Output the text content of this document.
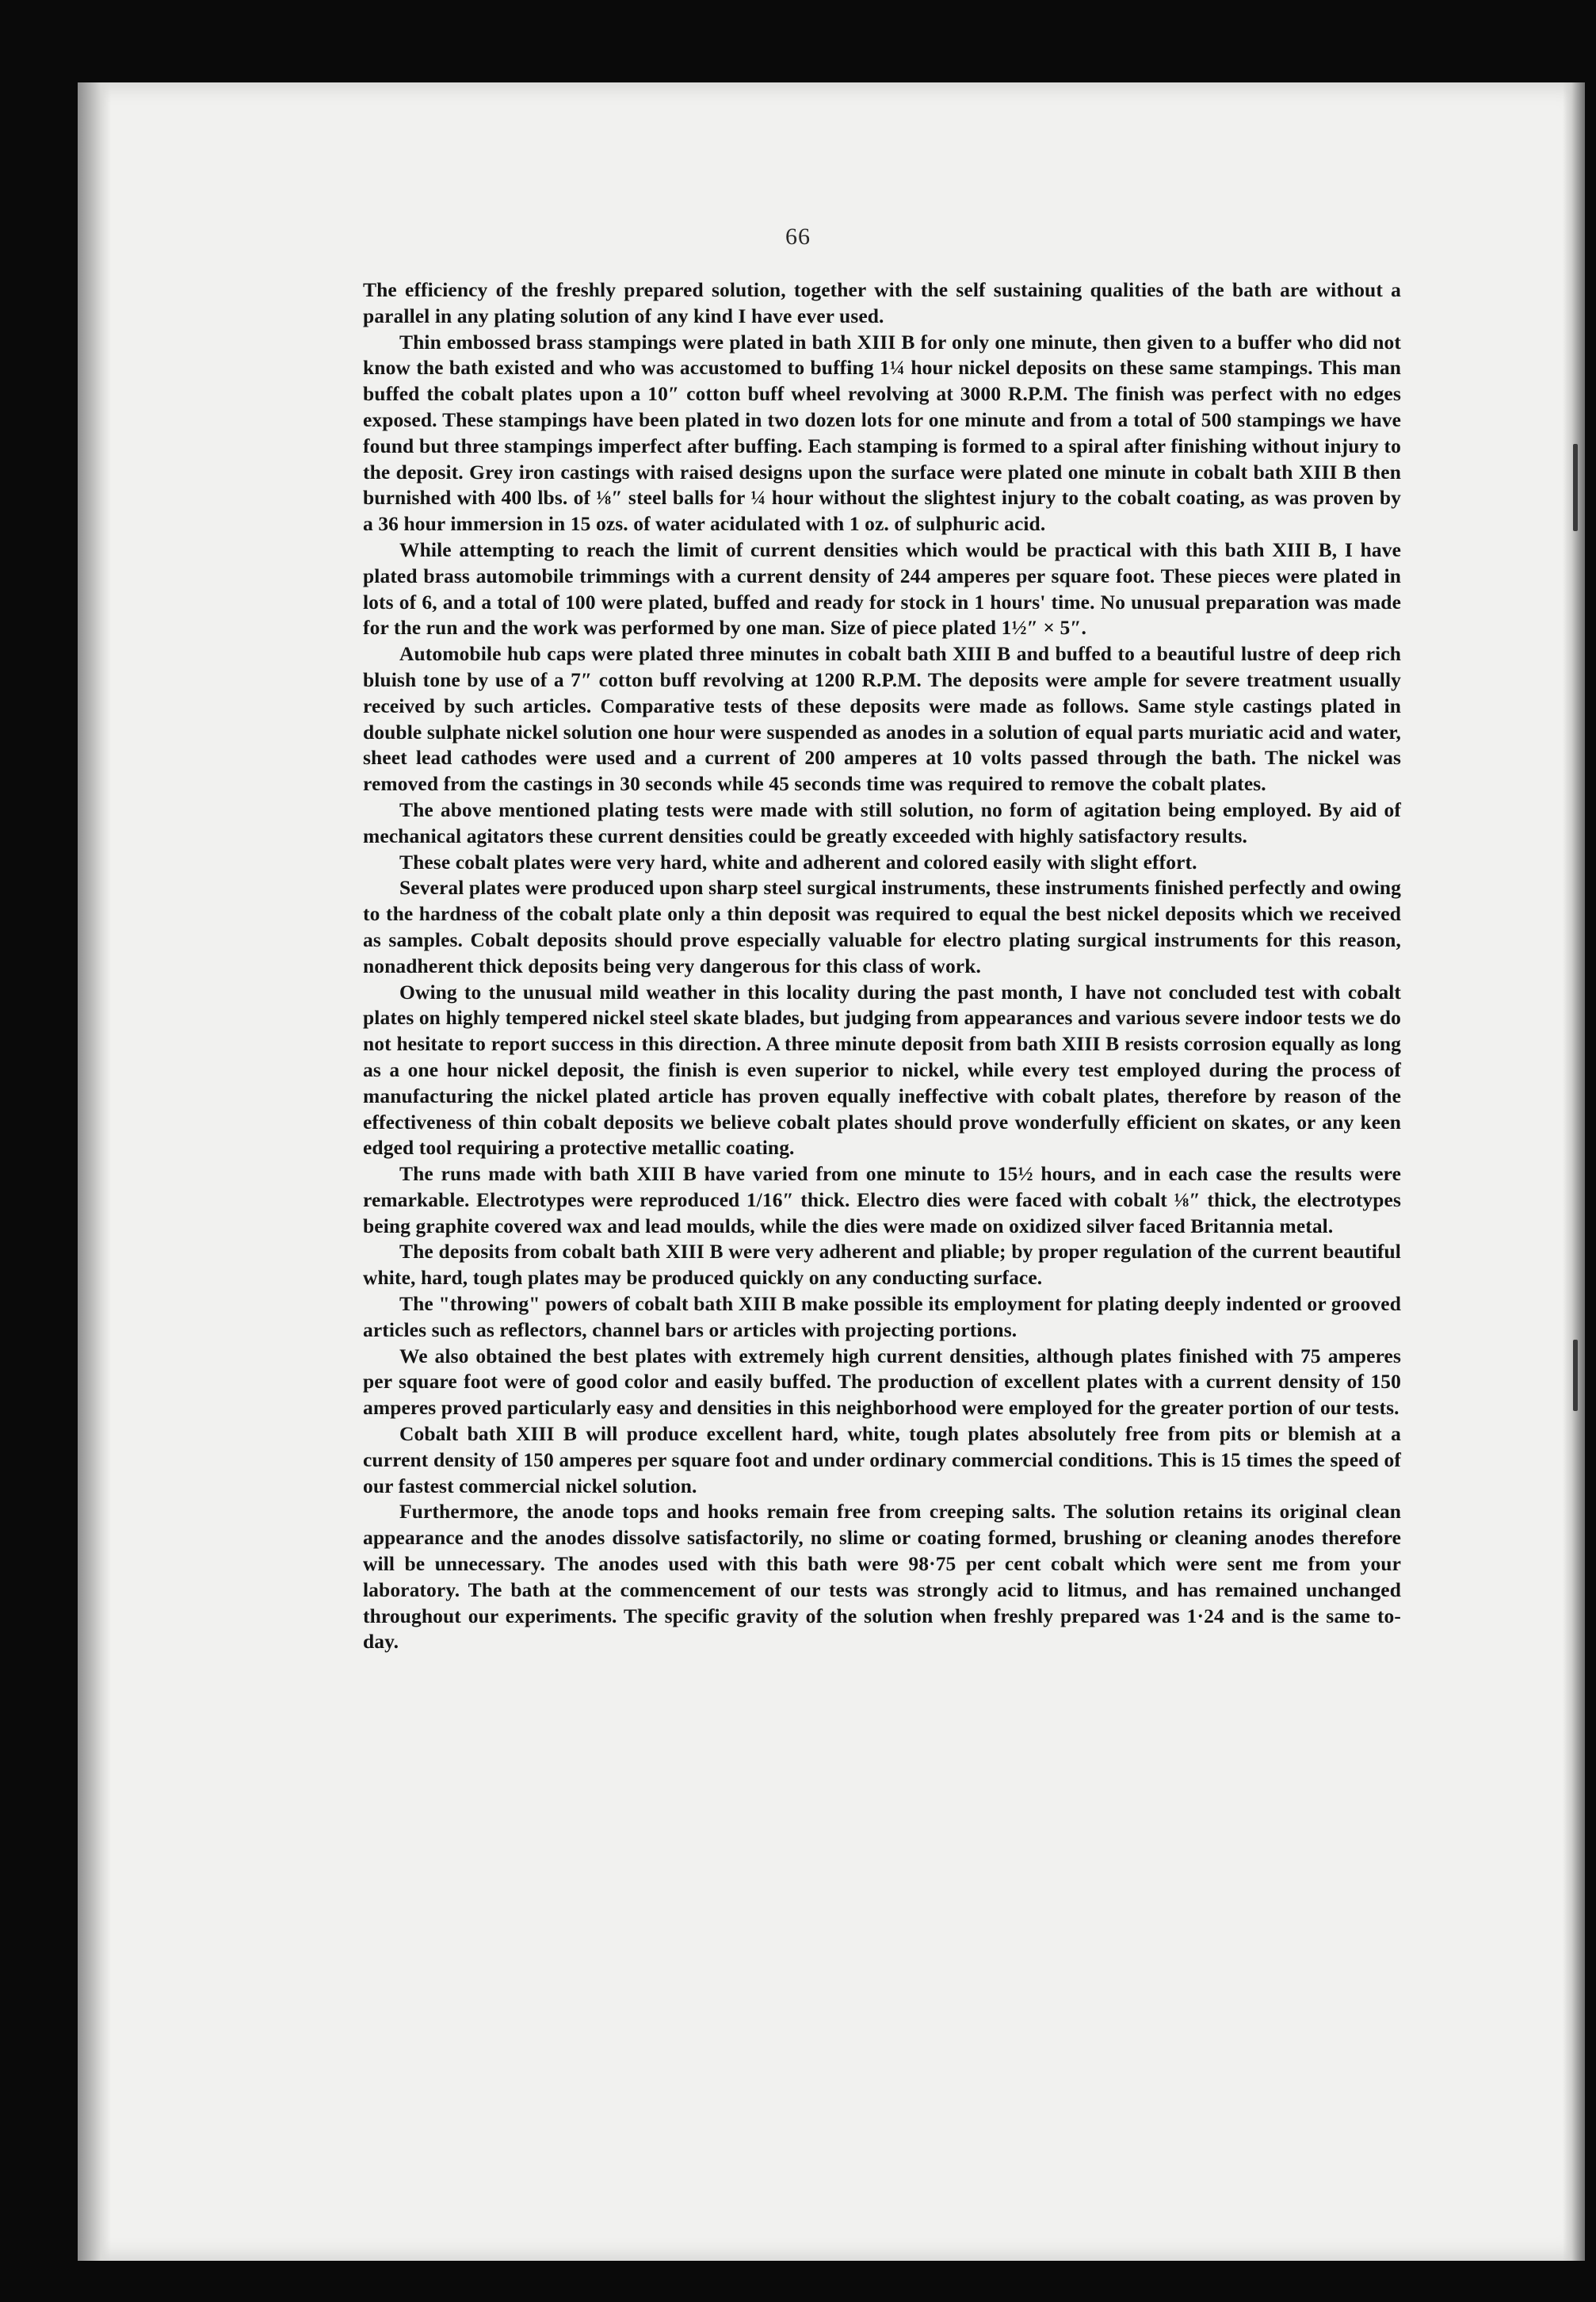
66

The efficiency of the freshly prepared solution, together with the self sustaining qualities of the bath are without a parallel in any plating solution of any kind I have ever used.

Thin embossed brass stampings were plated in bath XIII B for only one minute, then given to a buffer who did not know the bath existed and who was accustomed to buffing 1¼ hour nickel deposits on these same stampings. This man buffed the cobalt plates upon a 10″ cotton buff wheel revolving at 3000 R.P.M. The finish was perfect with no edges exposed. These stampings have been plated in two dozen lots for one minute and from a total of 500 stampings we have found but three stampings imperfect after buffing. Each stamping is formed to a spiral after finishing without injury to the deposit. Grey iron castings with raised designs upon the surface were plated one minute in cobalt bath XIII B then burnished with 400 lbs. of ⅛″ steel balls for ¼ hour without the slightest injury to the cobalt coating, as was proven by a 36 hour immersion in 15 ozs. of water acidulated with 1 oz. of sulphuric acid.

While attempting to reach the limit of current densities which would be practical with this bath XIII B, I have plated brass automobile trimmings with a current density of 244 amperes per square foot. These pieces were plated in lots of 6, and a total of 100 were plated, buffed and ready for stock in 1 hours' time. No unusual preparation was made for the run and the work was performed by one man. Size of piece plated 1½″ × 5″.

Automobile hub caps were plated three minutes in cobalt bath XIII B and buffed to a beautiful lustre of deep rich bluish tone by use of a 7″ cotton buff revolving at 1200 R.P.M. The deposits were ample for severe treatment usually received by such articles. Comparative tests of these deposits were made as follows. Same style castings plated in double sulphate nickel solution one hour were suspended as anodes in a solution of equal parts muriatic acid and water, sheet lead cathodes were used and a current of 200 amperes at 10 volts passed through the bath. The nickel was removed from the castings in 30 seconds while 45 seconds time was required to remove the cobalt plates.

The above mentioned plating tests were made with still solution, no form of agitation being employed. By aid of mechanical agitators these current densities could be greatly exceeded with highly satisfactory results.

These cobalt plates were very hard, white and adherent and colored easily with slight effort.

Several plates were produced upon sharp steel surgical instruments, these instruments finished perfectly and owing to the hardness of the cobalt plate only a thin deposit was required to equal the best nickel deposits which we received as samples. Cobalt deposits should prove especially valuable for electro plating surgical instruments for this reason, nonadherent thick deposits being very dangerous for this class of work.

Owing to the unusual mild weather in this locality during the past month, I have not concluded test with cobalt plates on highly tempered nickel steel skate blades, but judging from appearances and various severe indoor tests we do not hesitate to report success in this direction. A three minute deposit from bath XIII B resists corrosion equally as long as a one hour nickel deposit, the finish is even superior to nickel, while every test employed during the process of manufacturing the nickel plated article has proven equally ineffective with cobalt plates, therefore by reason of the effectiveness of thin cobalt deposits we believe cobalt plates should prove wonderfully efficient on skates, or any keen edged tool requiring a protective metallic coating.

The runs made with bath XIII B have varied from one minute to 15½ hours, and in each case the results were remarkable. Electrotypes were reproduced 1/16″ thick. Electro dies were faced with cobalt ⅛″ thick, the electrotypes being graphite covered wax and lead moulds, while the dies were made on oxidized silver faced Britannia metal.

The deposits from cobalt bath XIII B were very adherent and pliable; by proper regulation of the current beautiful white, hard, tough plates may be produced quickly on any conducting surface.

The "throwing" powers of cobalt bath XIII B make possible its employment for plating deeply indented or grooved articles such as reflectors, channel bars or articles with projecting portions.

We also obtained the best plates with extremely high current densities, although plates finished with 75 amperes per square foot were of good color and easily buffed. The production of excellent plates with a current density of 150 amperes proved particularly easy and densities in this neighborhood were employed for the greater portion of our tests.

Cobalt bath XIII B will produce excellent hard, white, tough plates absolutely free from pits or blemish at a current density of 150 amperes per square foot and under ordinary commercial conditions. This is 15 times the speed of our fastest commercial nickel solution.

Furthermore, the anode tops and hooks remain free from creeping salts. The solution retains its original clean appearance and the anodes dissolve satisfactorily, no slime or coating formed, brushing or cleaning anodes therefore will be unnecessary. The anodes used with this bath were 98·75 per cent cobalt which were sent me from your laboratory. The bath at the commencement of our tests was strongly acid to litmus, and has remained unchanged throughout our experiments. The specific gravity of the solution when freshly prepared was 1·24 and is the same to-day.
